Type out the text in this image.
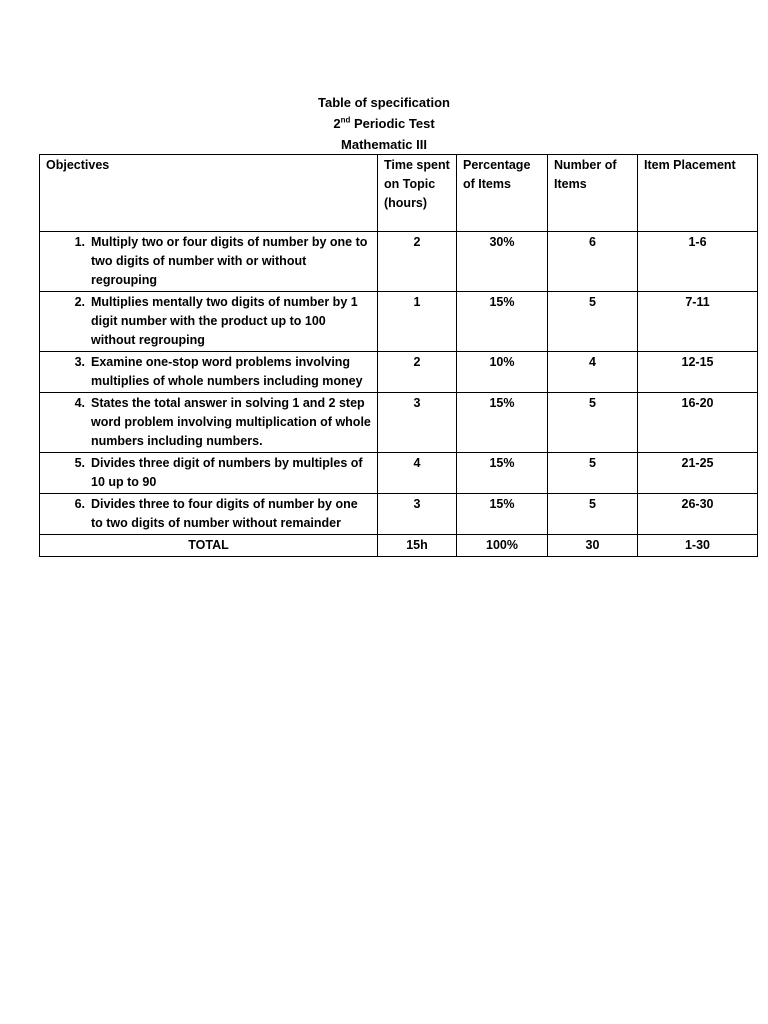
Table of specification
2nd Periodic Test
Mathematic III
Objectives	Time spent on Topic (hours)	Percentage of Items	Number of Items	Item Placement

1. Multiply two or four digits of number by one to two digits of number with or without regrouping	2	30%	6	1-6

2. Multiplies mentally two digits of number by 1 digit number with the product up to 100 without regrouping	1	15%	5	7-11

3. Examine one-stop word problems involving multiplies of whole numbers including money	2	10%	4	12-15

4. States the total answer in solving 1 and 2 step word problem involving multiplication of whole numbers including numbers.	3	15%	5	16-20

5. Divides three digit of numbers by multiples of 10 up to 90	4	15%	5	21-25

6. Divides three to four digits of number by one to two digits of number without remainder	3	15%	5	26-30
TOTAL	15h	100%	30	1-30
